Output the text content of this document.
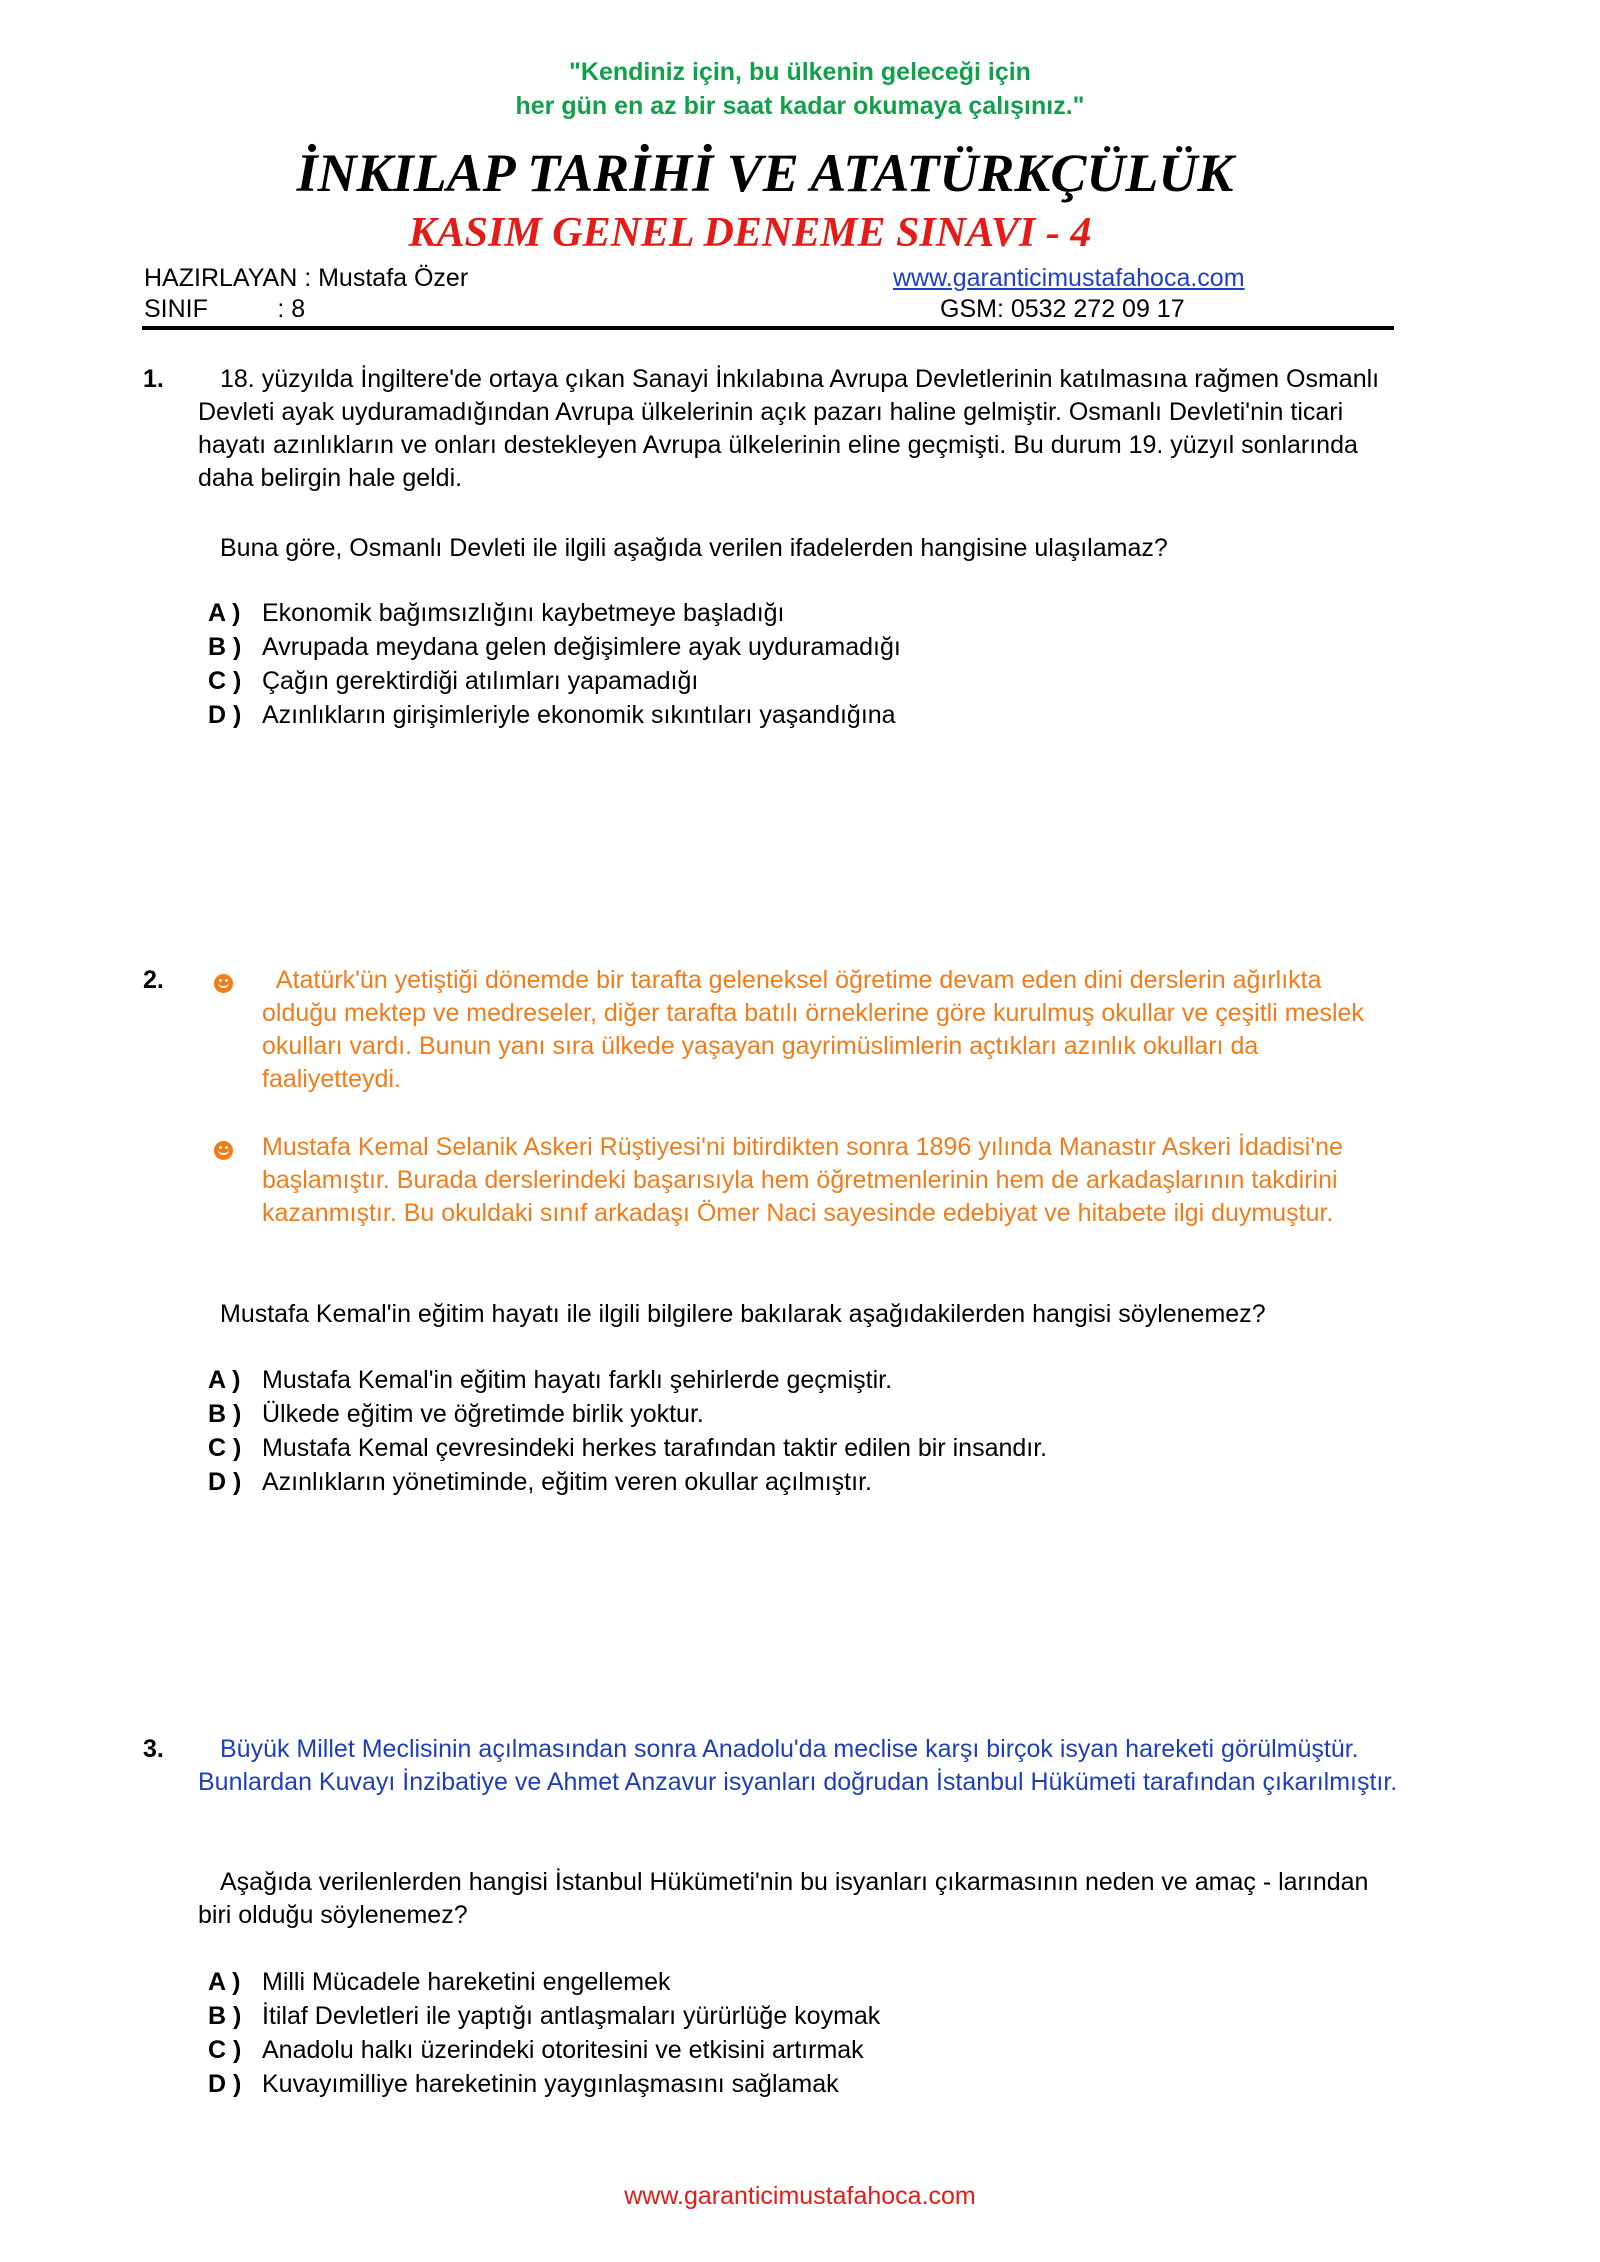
"Kendiniz için, bu ülkenin geleceği için
her gün en az bir saat kadar okumaya çalışınız."
İNKILAP TARİHİ VE ATATÜRKÇÜLÜK
KASIM GENEL DENEME SINAVI - 4
HAZIRLAYAN : Mustafa Özer
SINIF          : 8
www.garanticimustafahoca.com
GSM: 0532 272 09 17
1.	18. yüzyılda İngiltere'de ortaya çıkan Sanayi İnkılabına Avrupa Devletlerinin katılmasına rağmen Osmanlı Devleti ayak uyduramadığından Avrupa ülkelerinin açık pazarı haline gelmiştir. Osmanlı Devleti'nin ticari hayatı azınlıkların ve onları destekleyen Avrupa ülkelerinin eline geçmişti. Bu durum 19. yüzyıl sonlarında daha belirgin hale geldi.

Buna göre, Osmanlı Devleti ile ilgili aşağıda verilen ifadelerden hangisine ulaşılamaz?

A ) Ekonomik bağımsızlığını kaybetmeye başladığı
B ) Avrupada meydana gelen değişimlere ayak uyduramadığı
C ) Çağın gerektirdiği atılımları yapamadığı
D ) Azınlıkların girişimleriyle ekonomik sıkıntıları yaşandığına
2.	Atatürk'ün yetiştiği dönemde bir tarafta geleneksel öğretime devam eden dini derslerin ağırlıkta olduğu mektep ve medreseler, diğer tarafta batılı örneklerine göre kurulmuş okullar ve çeşitli meslek okulları vardı. Bunun yanı sıra ülkede yaşayan gayrimüslimlerin açtıkları azınlık okulları da faaliyetteydi.

Mustafa Kemal Selanik Askeri Rüştiyesi'ni bitirdikten sonra 1896 yılında Manastır Askeri İdadisi'ne başlamıştır. Burada derslerindeki başarısıyla hem öğretmenlerinin hem de arkadaşlarının takdirini kazanmıştır. Bu okuldaki sınıf arkadaşı Ömer Naci sayesinde edebiyat ve hitabete ilgi duymuştur.

Mustafa Kemal'in eğitim hayatı ile ilgili bilgilere bakılarak aşağıdakilerden hangisi söylenemez?

A ) Mustafa Kemal'in eğitim hayatı farklı şehirlerde geçmiştir.
B ) Ülkede eğitim ve öğretimde birlik yoktur.
C ) Mustafa Kemal çevresindeki herkes tarafından taktir edilen bir insandır.
D ) Azınlıkların yönetiminde, eğitim veren okullar açılmıştır.
3.	Büyük Millet Meclisinin açılmasından sonra Anadolu'da meclise karşı birçok isyan hareketi görülmüştür. Bunlardan Kuvayı İnzibatiye ve Ahmet Anzavur isyanları doğrudan İstanbul Hükümeti tarafından çıkarılmıştır.

Aşağıda verilenlerden hangisi İstanbul Hükümeti'nin bu isyanları çıkarmasının neden ve amaç - larından biri olduğu söylenemez?

A ) Milli Mücadele hareketini engellemek
B ) İtilaf Devletleri ile yaptığı antlaşmaları yürürlüğe koymak
C ) Anadolu halkı üzerindeki otoritesini ve etkisini artırmak
D ) Kuvayımilliye hareketinin yaygınlaşmasını sağlamak
www.garanticimustafahoca.com
